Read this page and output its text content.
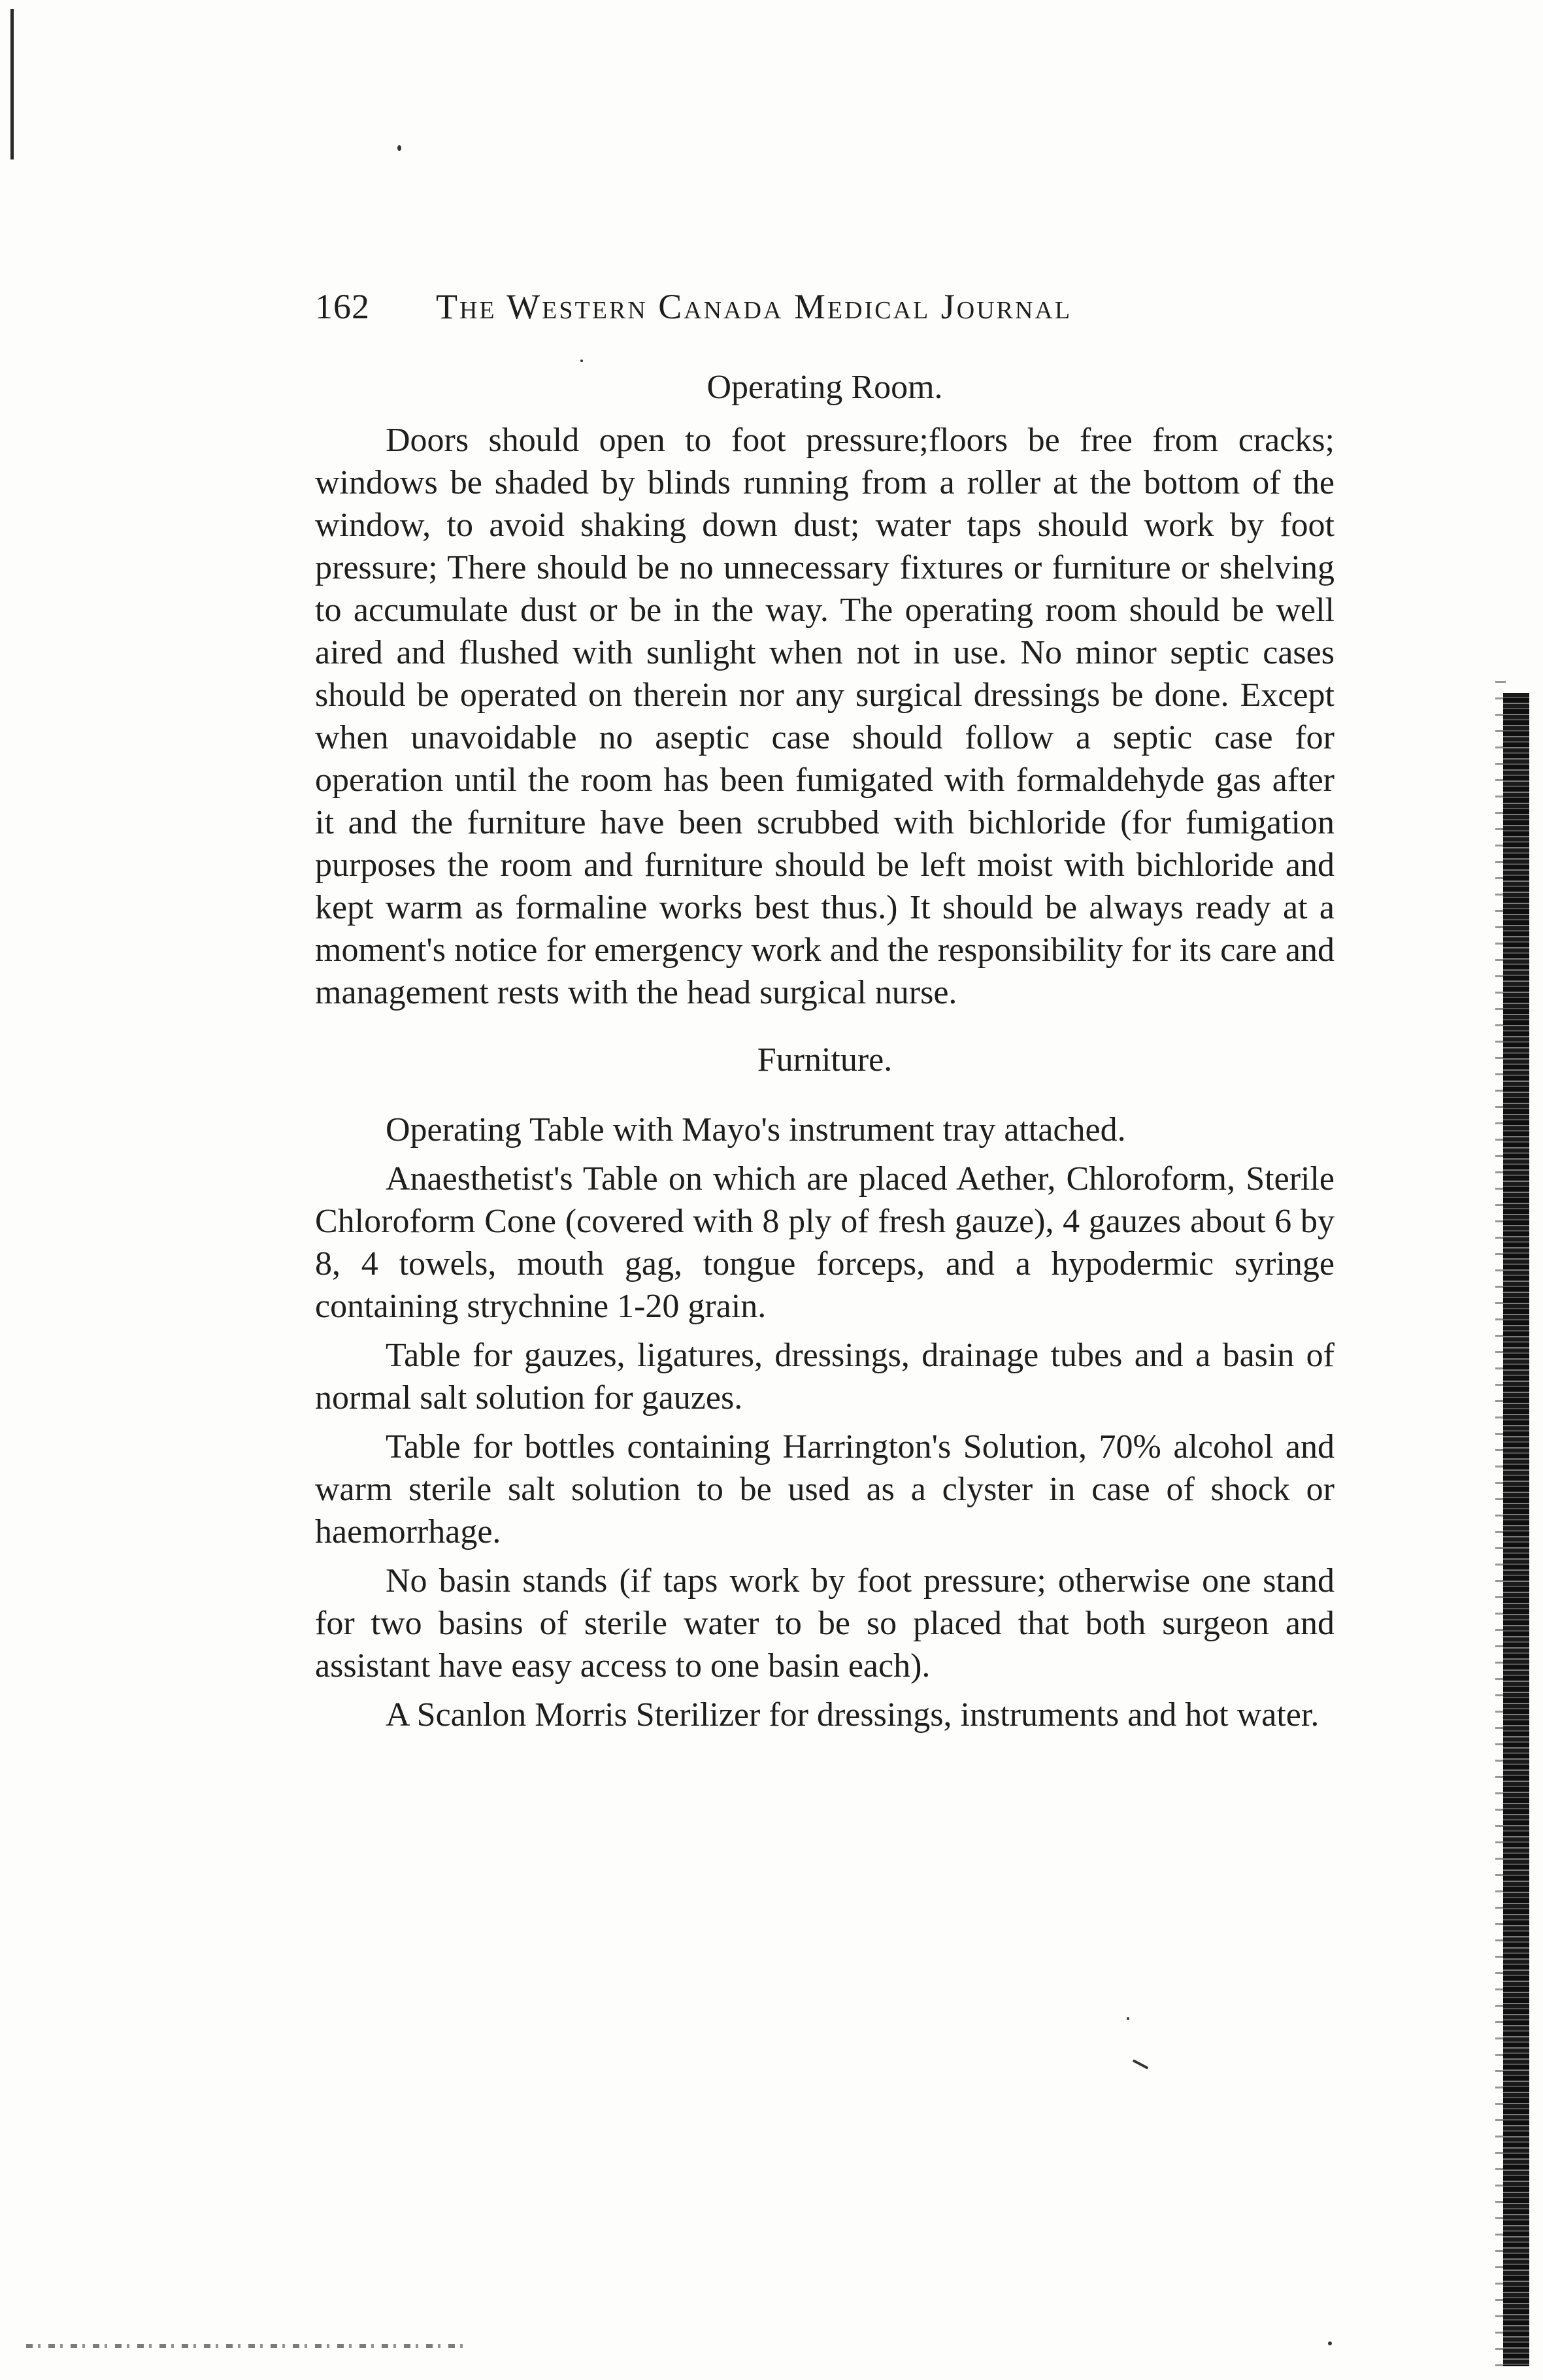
162	The Western Canada Medical Journal
Operating Room.

Doors should open to foot pressure;floors be free from cracks; windows be shaded by blinds running from a roller at the bottom of the window, to avoid shaking down dust; water taps should work by foot pressure; There should be no unnecessary fixtures or furniture or shelving to accumulate dust or be in the way. The operating room should be well aired and flushed with sunlight when not in use. No minor septic cases should be operated on therein nor any surgical dressings be done. Except when unavoidable no aseptic case should follow a septic case for operation until the room has been fumigated with formaldehyde gas after it and the furniture have been scrubbed with bichloride (for fumigation purposes the room and furniture should be left moist with bichloride and kept warm as formaline works best thus.) It should be always ready at a moment's notice for emergency work and the responsibility for its care and management rests with the head surgical nurse.

Furniture.

Operating Table with Mayo's instrument tray attached.

Anaesthetist's Table on which are placed Aether, Chloroform, Sterile Chloroform Cone (covered with 8 ply of fresh gauze), 4 gauzes about 6 by 8, 4 towels, mouth gag, tongue forceps, and a hypodermic syringe containing strychnine 1-20 grain.

Table for gauzes, ligatures, dressings, drainage tubes and a basin of normal salt solution for gauzes.

Table for bottles containing Harrington's Solution, 70% alcohol and warm sterile salt solution to be used as a clyster in case of shock or haemorrhage.

No basin stands (if taps work by foot pressure; otherwise one stand for two basins of sterile water to be so placed that both surgeon and assistant have easy access to one basin each).

A Scanlon Morris Sterilizer for dressings, instruments and hot water.
